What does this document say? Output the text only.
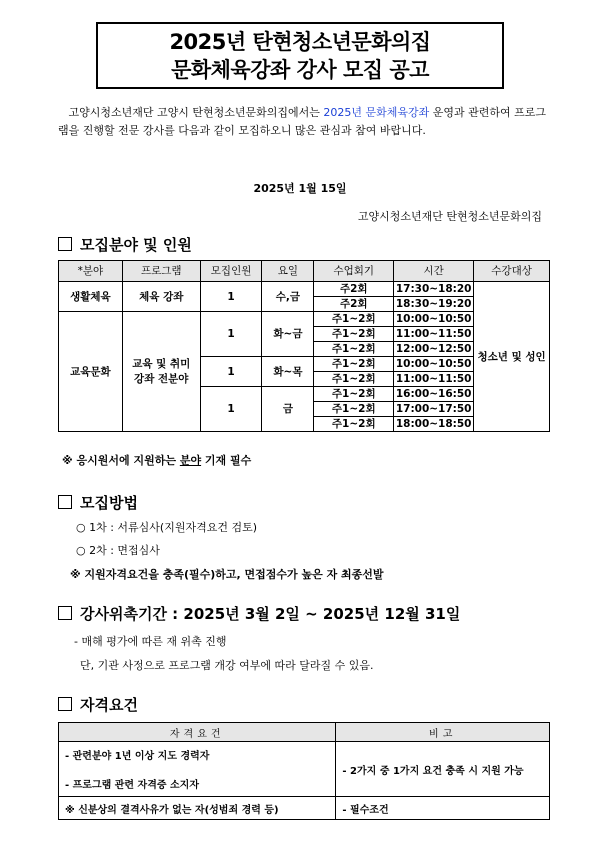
2025년 탄현청소년문화의집
문화체육강좌 강사 모집 공고
고양시청소년재단 고양시 탄현청소년문화의집에서는 2025년 문화체육강좌 운영과 관련하여 프로그램을 진행할 전문 강사를 다음과 같이 모집하오니 많은 관심과 참여 바랍니다.
2025년 1월 15일
고양시청소년재단 탄현청소년문화의집
모집분야 및 인원
*분야	프로그램	모집인원	요일	수업회기	시간	수강대상
생활체육	체육 강좌	1	수,금	주2회	17:30~18:20	청소년 및 성인
				주2회	18:30~19:20	
교육문화	교육 및 취미강좌 전분야	1	화~금	주1~2회	10:00~10:50	
				주1~2회	11:00~11:50	
				주1~2회	12:00~12:50	
		1	화~목	주1~2회	10:00~10:50	
				주1~2회	11:00~11:50	
		1	금	주1~2회	16:00~16:50	
				주1~2회	17:00~17:50	
				주1~2회	18:00~18:50	
※ 응시원서에 지원하는 분야 기재 필수
모집방법
○ 1차 : 서류심사(지원자격요건 검토)
○ 2차 : 면접심사
※ 지원자격요건을 충족(필수)하고, 면접점수가 높은 자 최종선발
강사위촉기간 : 2025년 3월 2일 ~ 2025년 12월 31일
- 매해 평가에 따른 재 위촉 진행
단, 기관 사정으로 프로그램 개강 여부에 따라 달라질 수 있음.
자격요건
자격요건	비고

- 관련분야 1년 이상 지도 경력자
- 프로그램 관련 자격증 소지자	- 2가지 중 1가지 요건 충족 시 지원 가능
※ 신분상의 결격사유가 없는 자(성범죄 경력 등)	- 필수조건
